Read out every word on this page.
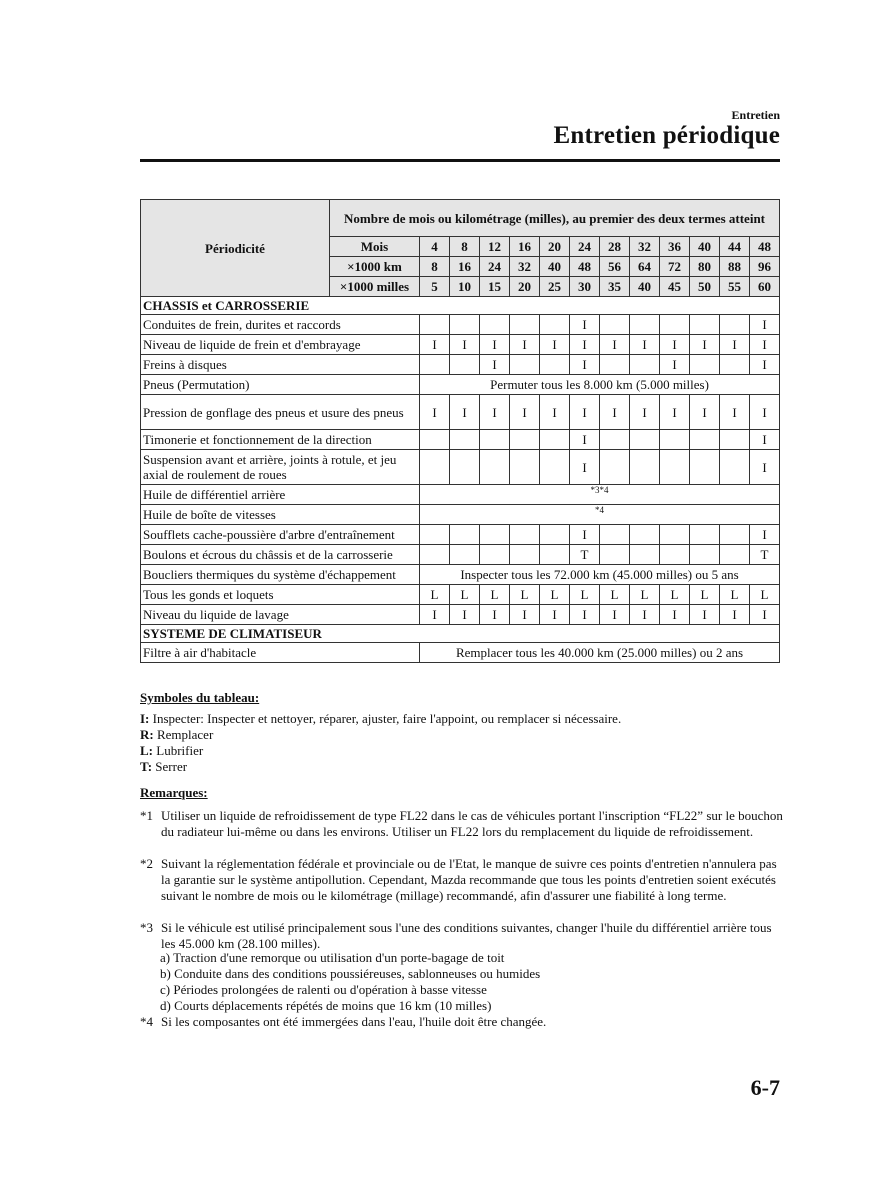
Entretien
Entretien périodique
Périodicité	Nombre de mois ou kilométrage (milles), au premier des deux termes atteint												
	Mois	4	8	12	16	20	24	28	32	36	40	44	48
	×1000 km	8	16	24	32	40	48	56	64	72	80	88	96
	×1000 milles	5	10	15	20	25	30	35	40	45	50	55	60
CHASSIS et CARROSSERIE													
Conduites de frein, durites et raccords							I						I
Niveau de liquide de frein et d'embrayage		I	I	I	I	I	I	I	I	I	I	I	I
Freins à disques				I			I			I			I
Pneus (Permutation)		Permuter tous les 8.000 km (5.000 milles)											
Pression de gonflage des pneus et usure des pneus		I	I	I	I	I	I	I	I	I	I	I	I
Timonerie et fonctionnement de la direction							I						I
Suspension avant et arrière, joints à rotule, et jeu axial de roulement de roues							I						I
Huile de différentiel arrière		*3*4											
Huile de boîte de vitesses		*4											
Soufflets cache-poussière d'arbre d'entraînement							I						I
Boulons et écrous du châssis et de la carrosserie							T						T
Boucliers thermiques du système d'échappement		Inspecter tous les 72.000 km (45.000 milles) ou 5 ans											
Tous les gonds et loquets		L	L	L	L	L	L	L	L	L	L	L	L
Niveau du liquide de lavage		I	I	I	I	I	I	I	I	I	I	I	I
SYSTEME DE CLIMATISEUR													
Filtre à air d'habitacle		Remplacer tous les 40.000 km (25.000 milles) ou 2 ans											
Symboles du tableau:
I: Inspecter: Inspecter et nettoyer, réparer, ajuster, faire l'appoint, ou remplacer si nécessaire.
R: Remplacer
L: Lubrifier
T: Serrer
Remarques:
*1 Utiliser un liquide de refroidissement de type FL22 dans le cas de véhicules portant l'inscription “FL22” sur le bouchon du radiateur lui-même ou dans les environs. Utiliser un FL22 lors du remplacement du liquide de refroidissement.
*2 Suivant la réglementation fédérale et provinciale ou de l'Etat, le manque de suivre ces points d'entretien n'annulera pas la garantie sur le système antipollution. Cependant, Mazda recommande que tous les points d'entretien soient exécutés suivant le nombre de mois ou le kilométrage (millage) recommandé, afin d'assurer une fiabilité à long terme.
*3 Si le véhicule est utilisé principalement sous l'une des conditions suivantes, changer l'huile du différentiel arrière tous les 45.000 km (28.100 milles).
a) Traction d'une remorque ou utilisation d'un porte-bagage de toit
b) Conduite dans des conditions poussiéreuses, sablonneuses ou humides
c) Périodes prolongées de ralenti ou d'opération à basse vitesse
d) Courts déplacements répétés de moins que 16 km (10 milles)
*4 Si les composantes ont été immergées dans l'eau, l'huile doit être changée.
6-7
